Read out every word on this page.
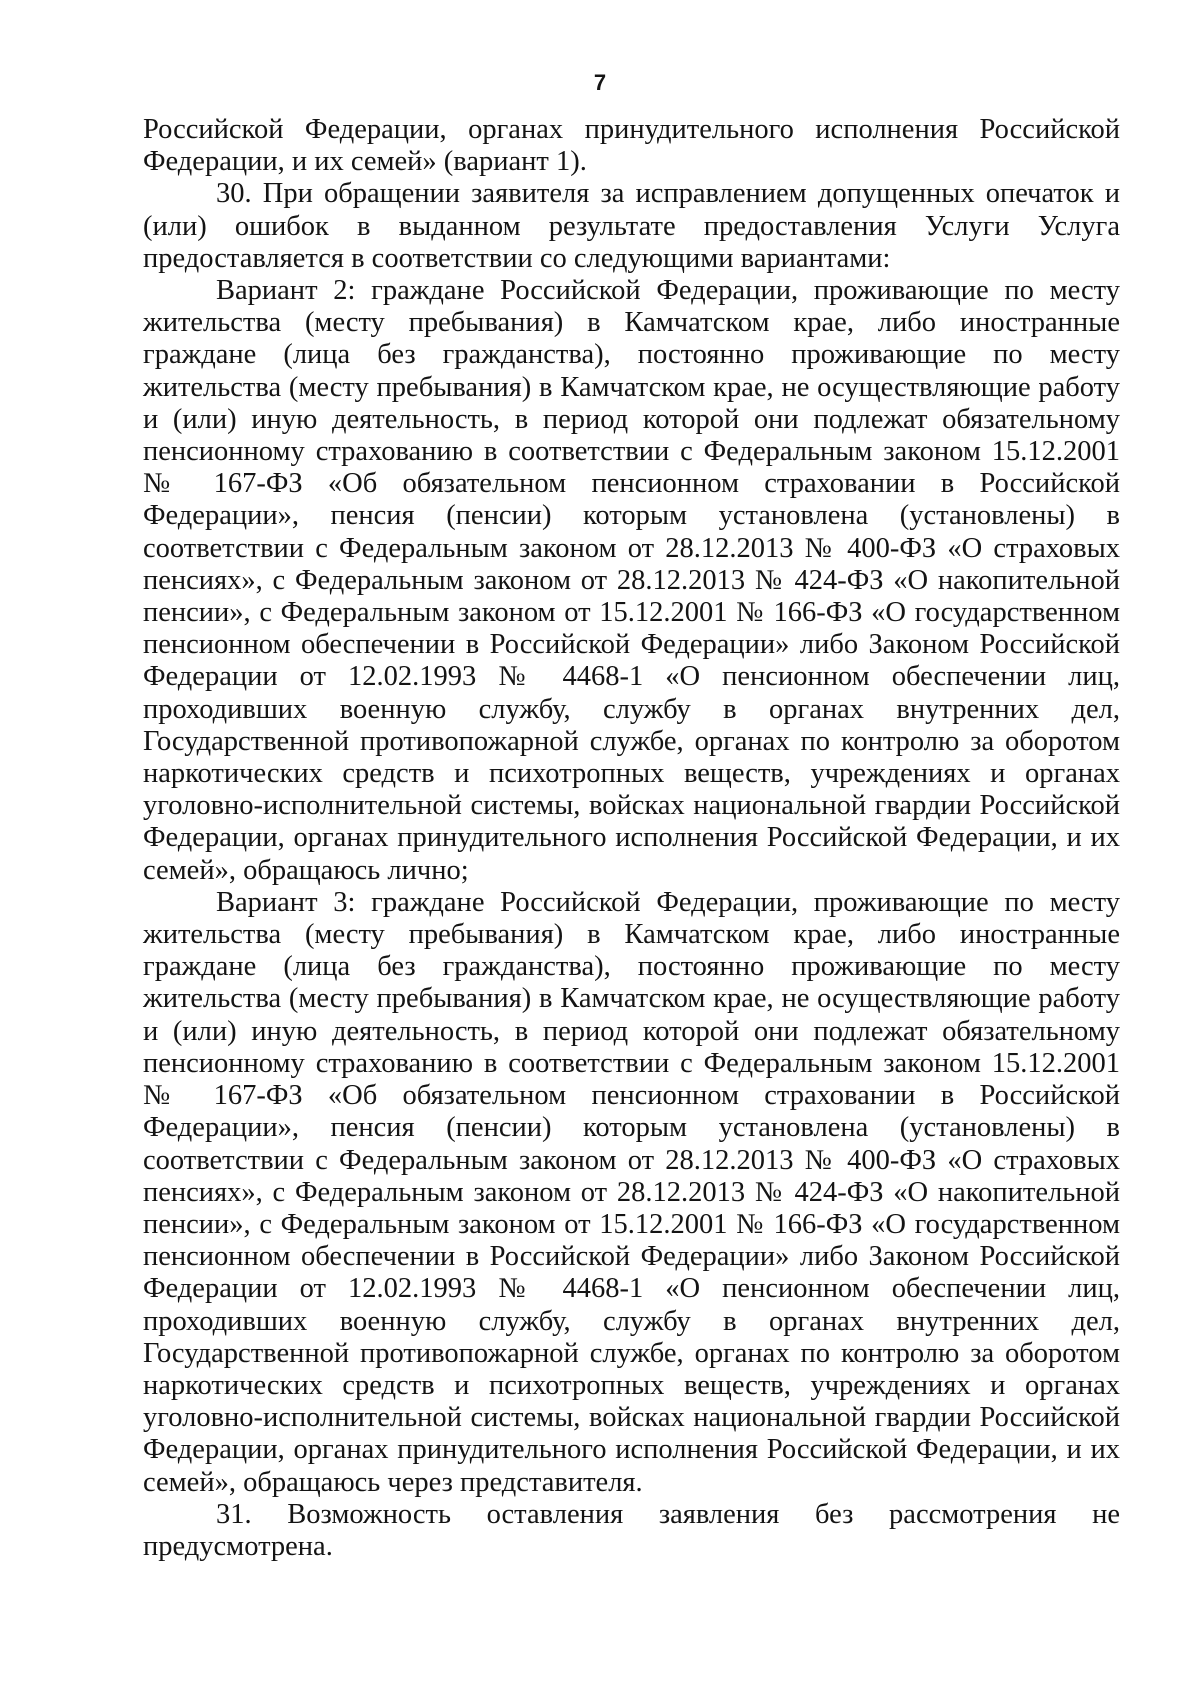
7

Российской Федерации, органах принудительного исполнения Российской Федерации, и их семей» (вариант 1).

30. При обращении заявителя за исправлением допущенных опечаток и (или) ошибок в выданном результате предоставления Услуги Услуга предоставляется в соответствии со следующими вариантами:

Вариант 2: граждане Российской Федерации, проживающие по месту жительства (месту пребывания) в Камчатском крае, либо иностранные граждане (лица без гражданства), постоянно проживающие по месту жительства (месту пребывания) в Камчатском крае, не осуществляющие работу и (или) иную деятельность, в период которой они подлежат обязательному пенсионному страхованию в соответствии с Федеральным законом 15.12.2001 № 167-ФЗ «Об обязательном пенсионном страховании в Российской Федерации», пенсия (пенсии) которым установлена (установлены) в соответствии с Федеральным законом от 28.12.2013 № 400-ФЗ «О страховых пенсиях», с Федеральным законом от 28.12.2013 № 424-ФЗ «О накопительной пенсии», с Федеральным законом от 15.12.2001 № 166-ФЗ «О государственном пенсионном обеспечении в Российской Федерации» либо Законом Российской Федерации от 12.02.1993 № 4468-1 «О пенсионном обеспечении лиц, проходивших военную службу, службу в органах внутренних дел, Государственной противопожарной службе, органах по контролю за оборотом наркотических средств и психотропных веществ, учреждениях и органах уголовно-исполнительной системы, войсках национальной гвардии Российской Федерации, органах принудительного исполнения Российской Федерации, и их семей», обращаюсь лично;

Вариант 3: граждане Российской Федерации, проживающие по месту жительства (месту пребывания) в Камчатском крае, либо иностранные граждане (лица без гражданства), постоянно проживающие по месту жительства (месту пребывания) в Камчатском крае, не осуществляющие работу и (или) иную деятельность, в период которой они подлежат обязательному пенсионному страхованию в соответствии с Федеральным законом 15.12.2001 № 167-ФЗ «Об обязательном пенсионном страховании в Российской Федерации», пенсия (пенсии) которым установлена (установлены) в соответствии с Федеральным законом от 28.12.2013 № 400-ФЗ «О страховых пенсиях», с Федеральным законом от 28.12.2013 № 424-ФЗ «О накопительной пенсии», с Федеральным законом от 15.12.2001 № 166-ФЗ «О государственном пенсионном обеспечении в Российской Федерации» либо Законом Российской Федерации от 12.02.1993 № 4468-1 «О пенсионном обеспечении лиц, проходивших военную службу, службу в органах внутренних дел, Государственной противопожарной службе, органах по контролю за оборотом наркотических средств и психотропных веществ, учреждениях и органах уголовно-исполнительной системы, войсках национальной гвардии Российской Федерации, органах принудительного исполнения Российской Федерации, и их семей», обращаюсь через представителя.

31. Возможность оставления заявления без рассмотрения не предусмотрена.
